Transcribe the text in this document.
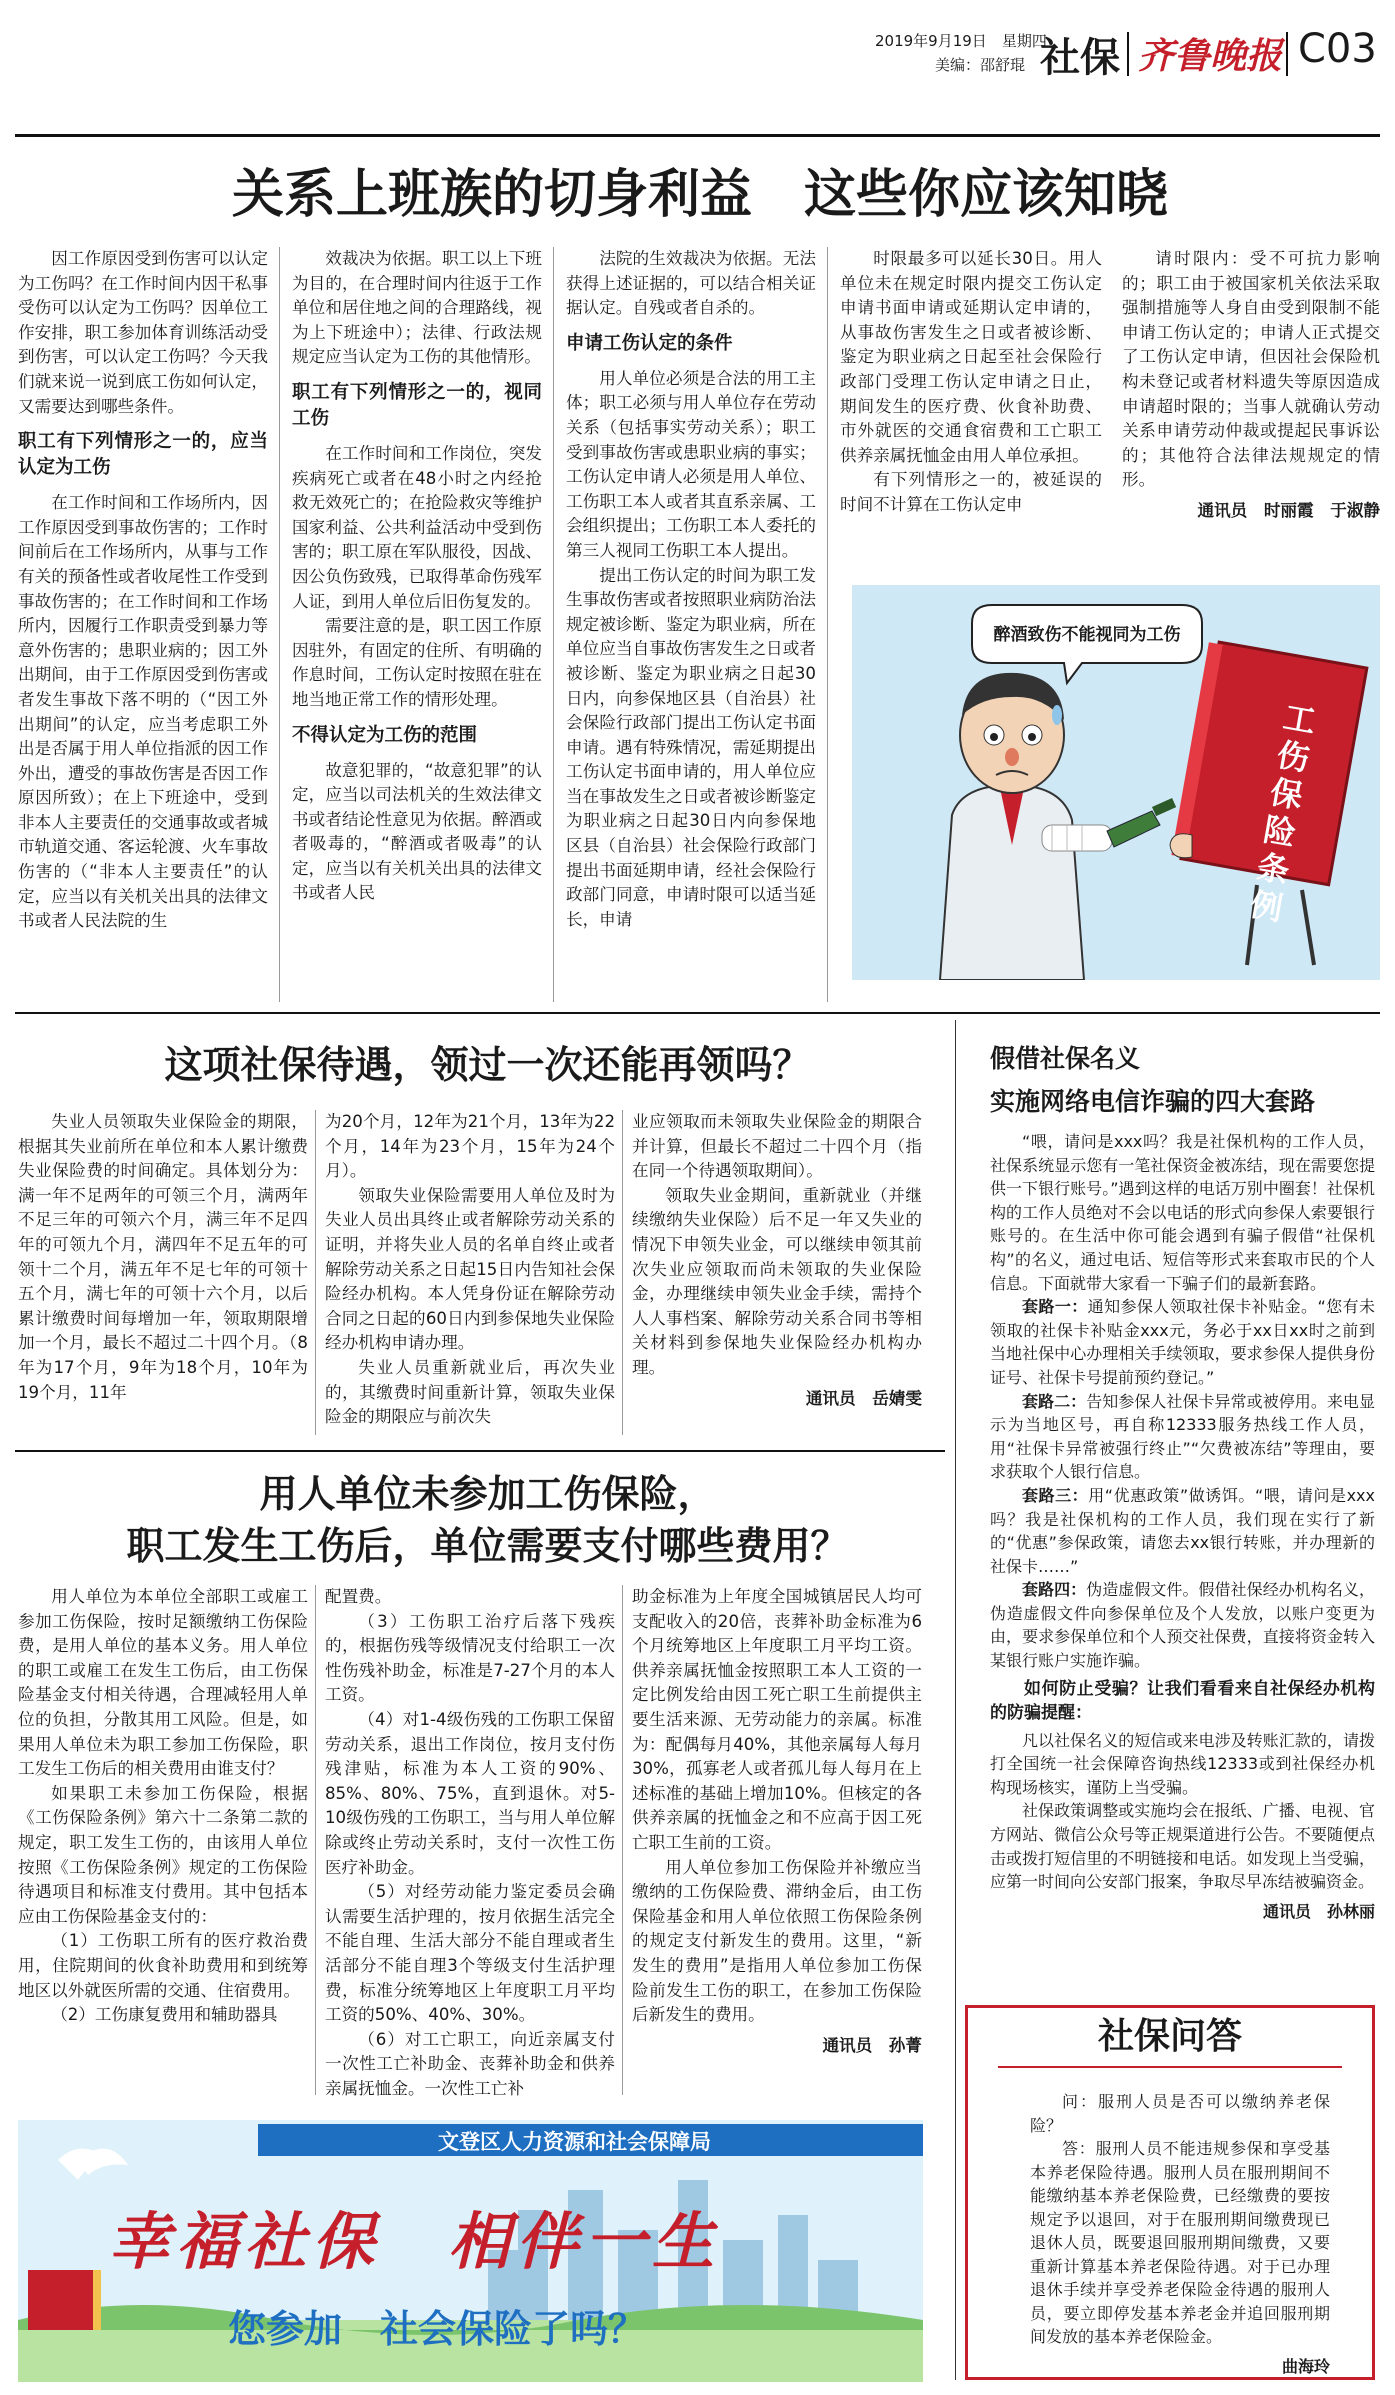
2019年9月19日　 星期四
美编：邵舒琨 社保 齐鲁晚报 C03
关系上班族的切身利益　这些你应该知晓

因工作原因受到伤害可以认定为工伤吗？在工作时间内因干私事受伤可以认定为工伤吗？因单位工作安排，职工参加体育训练活动受到伤害，可以认定工伤吗？今天我们就来说一说到底工伤如何认定，又需要达到哪些条件。

职工有下列情形之一的，应当认定为工伤

在工作时间和工作场所内，因工作原因受到事故伤害的；工作时间前后在工作场所内，从事与工作有关的预备性或者收尾性工作受到事故伤害的；在工作时间和工作场所内，因履行工作职责受到暴力等意外伤害的；患职业病的；因工外出期间，由于工作原因受到伤害或者发生事故下落不明的（“因工外出期间”的认定，应当考虑职工外出是否属于用人单位指派的因工作外出，遭受的事故伤害是否因工作原因所致）；在上下班途中，受到非本人主要责任的交通事故或者城市轨道交通、客运轮渡、火车事故伤害的（“非本人主要责任”的认定，应当以有关机关出具的法律文书或者人民法院的生

效裁决为依据。职工以上下班为目的，在合理时间内往返于工作单位和居住地之间的合理路线，视为上下班途中）；法律、行政法规规定应当认定为工伤的其他情形。

职工有下列情形之一的，视同工伤

在工作时间和工作岗位，突发疾病死亡或者在48小时之内经抢救无效死亡的；在抢险救灾等维护国家利益、公共利益活动中受到伤害的；职工原在军队服役，因战、因公负伤致残，已取得革命伤残军人证，到用人单位后旧伤复发的。

需要注意的是，职工因工作原因驻外，有固定的住所、有明确的作息时间，工伤认定时按照在驻在地当地正常工作的情形处理。

不得认定为工伤的范围

故意犯罪的，“故意犯罪”的认定，应当以司法机关的生效法律文书或者结论性意见为依据。醉酒或者吸毒的，“醉酒或者吸毒”的认定，应当以有关机关出具的法律文书或者人民

法院的生效裁决为依据。无法获得上述证据的，可以结合相关证据认定。自残或者自杀的。

申请工伤认定的条件

用人单位必须是合法的用工主体；职工必须与用人单位存在劳动关系（包括事实劳动关系）；职工受到事故伤害或患职业病的事实；工伤认定申请人必须是用人单位、工伤职工本人或者其直系亲属、工会组织提出；工伤职工本人委托的第三人视同工伤职工本人提出。

提出工伤认定的时间为职工发生事故伤害或者按照职业病防治法规定被诊断、鉴定为职业病，所在单位应当自事故伤害发生之日或者被诊断、鉴定为职业病之日起30日内，向参保地区县（自治县）社会保险行政部门提出工伤认定书面申请。遇有特殊情况，需延期提出工伤认定书面申请的，用人单位应当在事故发生之日或者被诊断鉴定为职业病之日起30日内向参保地区县（自治县）社会保险行政部门提出书面延期申请，经社会保险行政部门同意，申请时限可以适当延长，申请

时限最多可以延长30日。用人单位未在规定时限内提交工伤认定申请书面申请或延期认定申请的，从事故伤害发生之日或者被诊断、鉴定为职业病之日起至社会保险行政部门受理工伤认定申请之日止，期间发生的医疗费、伙食补助费、市外就医的交通食宿费和工亡职工供养亲属抚恤金由用人单位承担。

有下列情形之一的，被延误的时间不计算在工伤认定申

请时限内：受不可抗力影响的；职工由于被国家机关依法采取强制措施等人身自由受到限制不能申请工伤认定的；申请人正式提交了工伤认定申请，但因社会保险机构未登记或者材料遗失等原因造成申请超时限的；当事人就确认劳动关系申请劳动仲裁或提起民事诉讼的；其他符合法律法规规定的情形。

通讯员　时丽霞　于淑静

醉酒致伤不能视同为工伤
工伤保险条例
这项社保待遇，领过一次还能再领吗？

失业人员领取失业保险金的期限，根据其失业前所在单位和本人累计缴费失业保险费的时间确定。具体划分为：满一年不足两年的可领三个月，满两年不足三年的可领六个月，满三年不足四年的可领九个月，满四年不足五年的可领十二个月，满五年不足七年的可领十五个月，满七年的可领十六个月，以后累计缴费时间每增加一年，领取期限增加一个月，最长不超过二十四个月。（8年为17个月，9年为18个月，10年为19个月，11年

为20个月，12年为21个月，13年为22个月，14年为23个月，15年为24个月）。

领取失业保险需要用人单位及时为失业人员出具终止或者解除劳动关系的证明，并将失业人员的名单自终止或者解除劳动关系之日起15日内告知社会保险经办机构。本人凭身份证在解除劳动合同之日起的60日内到参保地失业保险经办机构申请办理。

失业人员重新就业后，再次失业的，其缴费时间重新计算，领取失业保险金的期限应与前次失

业应领取而未领取失业保险金的期限合并计算，但最长不超过二十四个月（指在同一个待遇领取期间）。

领取失业金期间，重新就业（并继续缴纳失业保险）后不足一年又失业的情况下申领失业金，可以继续申领其前次失业应领取而尚未领取的失业保险金，办理继续申领失业金手续，需持个人人事档案、解除劳动关系合同书等相关材料到参保地失业保险经办机构办理。

通讯员　岳婧雯

用人单位未参加工伤保险，
职工发生工伤后，单位需要支付哪些费用？

用人单位为本单位全部职工或雇工参加工伤保险，按时足额缴纳工伤保险费，是用人单位的基本义务。用人单位的职工或雇工在发生工伤后，由工伤保险基金支付相关待遇，合理减轻用人单位的负担，分散其用工风险。但是，如果用人单位未为职工参加工伤保险，职工发生工伤后的相关费用由谁支付？

如果职工未参加工伤保险，根据《工伤保险条例》第六十二条第二款的规定，职工发生工伤的，由该用人单位按照《工伤保险条例》规定的工伤保险待遇项目和标准支付费用。其中包括本应由工伤保险基金支付的：

（1）工伤职工所有的医疗救治费用，住院期间的伙食补助费用和到统筹地区以外就医所需的交通、住宿费用。

（2）工伤康复费用和辅助器具

配置费。

（3）工伤职工治疗后落下残疾的，根据伤残等级情况支付给职工一次性伤残补助金，标准是7-27个月的本人工资。

（4）对1-4级伤残的工伤职工保留劳动关系，退出工作岗位，按月支付伤残津贴，标准为本人工资的90%、85%、80%、75%，直到退休。对5-10级伤残的工伤职工，当与用人单位解除或终止劳动关系时，支付一次性工伤医疗补助金。

（5）对经劳动能力鉴定委员会确认需要生活护理的，按月依据生活完全不能自理、生活大部分不能自理或者生活部分不能自理3个等级支付生活护理费，标准分统筹地区上年度职工月平均工资的50%、40%、30%。

（6）对工亡职工，向近亲属支付一次性工亡补助金、丧葬补助金和供养亲属抚恤金。一次性工亡补

助金标准为上年度全国城镇居民人均可支配收入的20倍，丧葬补助金标准为6个月统筹地区上年度职工月平均工资。供养亲属抚恤金按照职工本人工资的一定比例发给由因工死亡职工生前提供主要生活来源、无劳动能力的亲属。标准为：配偶每月40%，其他亲属每人每月30%，孤寡老人或者孤儿每人每月在上述标准的基础上增加10%。但核定的各供养亲属的抚恤金之和不应高于因工死亡职工生前的工资。

用人单位参加工伤保险并补缴应当缴纳的工伤保险费、滞纳金后，由工伤保险基金和用人单位依照工伤保险条例的规定支付新发生的费用。这里，“新发生的费用”是指用人单位参加工伤保险前发生工伤的职工，在参加工伤保险后新发生的费用。

通讯员　孙菁

假借社保名义
实施网络电信诈骗的四大套路

“喂，请问是xxx吗？我是社保机构的工作人员，社保系统显示您有一笔社保资金被冻结，现在需要您提供一下银行账号。”遇到这样的电话万别中圈套！社保机构的工作人员绝对不会以电话的形式向参保人索要银行账号的。在生活中你可能会遇到有骗子假借“社保机构”的名义，通过电话、短信等形式来套取市民的个人信息。下面就带大家看一下骗子们的最新套路。

套路一：通知参保人领取社保卡补贴金。“您有未领取的社保卡补贴金xxx元，务必于xx日xx时之前到当地社保中心办理相关手续领取，要求参保人提供身份证号、社保卡号提前预约登记。”

套路二：告知参保人社保卡异常或被停用。来电显示为当地区号，再自称12333服务热线工作人员，用“社保卡异常被强行终止”“欠费被冻结”等理由，要求获取个人银行信息。

套路三：用“优惠政策”做诱饵。“喂，请问是xxx吗？我是社保机构的工作人员，我们现在实行了新的“优惠”参保政策，请您去xx银行转账，并办理新的社保卡……”

套路四：伪造虚假文件。假借社保经办机构名义，伪造虚假文件向参保单位及个人发放，以账户变更为由，要求参保单位和个人预交社保费，直接将资金转入某银行账户实施诈骗。

如何防止受骗？让我们看看来自社保经办机构的防骗提醒：

凡以社保名义的短信或来电涉及转账汇款的，请拨打全国统一社会保障咨询热线12333或到社保经办机构现场核实，谨防上当受骗。

社保政策调整或实施均会在报纸、广播、电视、官方网站、微信公众号等正规渠道进行公告。不要随便点击或拨打短信里的不明链接和电话。如发现上当受骗，应第一时间向公安部门报案，争取尽早冻结被骗资金。

通讯员　孙林丽

文登区人力资源和社会保障局
幸福社保　相伴一生
您参加　社会保险了吗？
社保问答

问：服刑人员是否可以缴纳养老保险？

答：服刑人员不能违规参保和享受基本养老保险待遇。服刑人员在服刑期间不能缴纳基本养老保险费，已经缴费的要按规定予以退回，对于在服刑期间缴费现已退休人员，既要退回服刑期间缴费，又要重新计算基本养老保险待遇。对于已办理退休手续并享受养老保险金待遇的服刑人员，要立即停发基本养老金并追回服刑期间发放的基本养老保险金。

曲海玲
